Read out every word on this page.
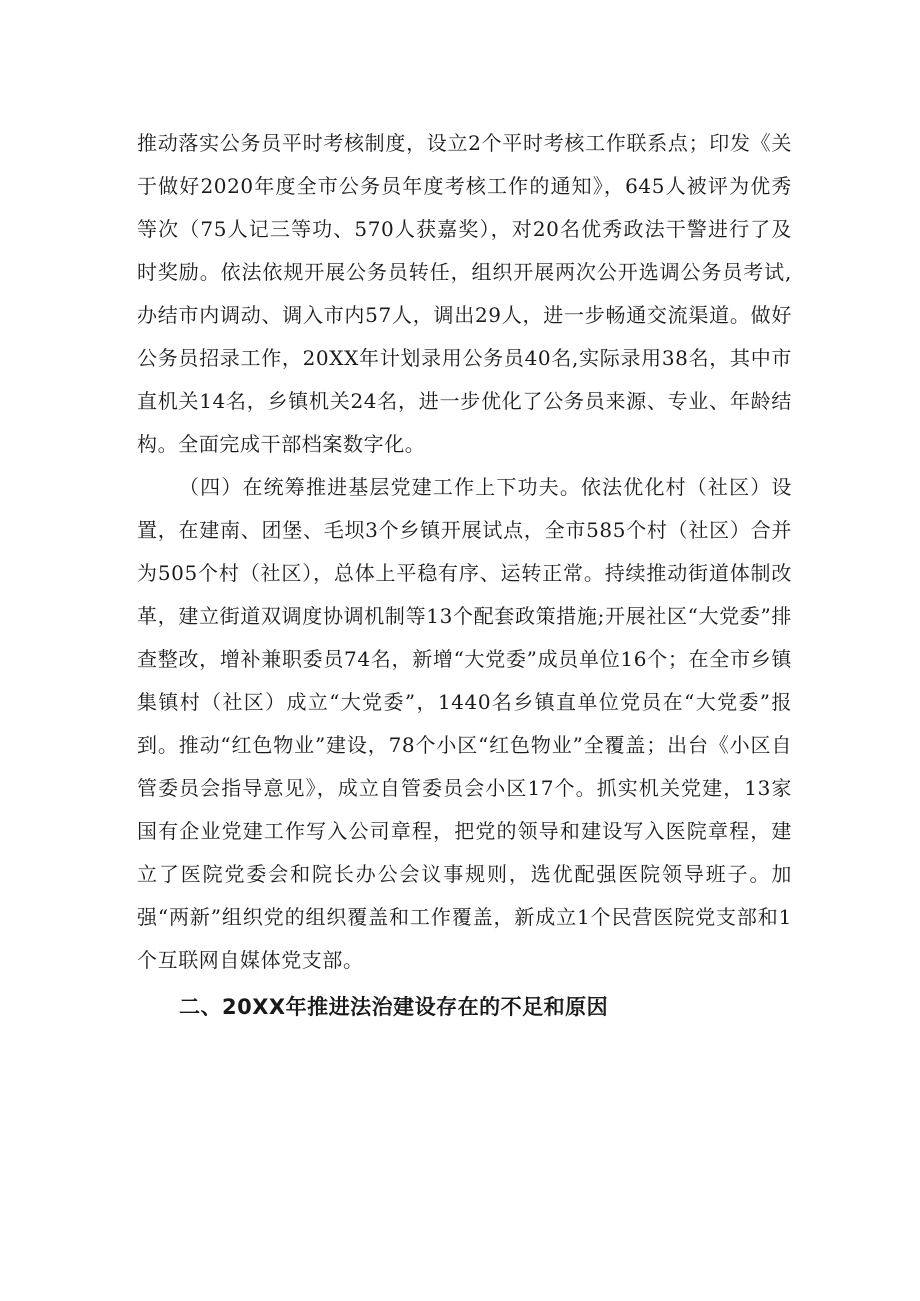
推动落实公务员平时考核制度，设立2个平时考核工作联系点；印发《关于做好2020年度全市公务员年度考核工作的通知》，645人被评为优秀等次（75人记三等功、570人获嘉奖），对20名优秀政法干警进行了及时奖励。依法依规开展公务员转任，组织开展两次公开选调公务员考试,办结市内调动、调入市内57人，调出29人，进一步畅通交流渠道。做好公务员招录工作，20XX年计划录用公务员40名,实际录用38名，其中市直机关14名，乡镇机关24名，进一步优化了公务员来源、专业、年龄结构。全面完成干部档案数字化。

（四）在统筹推进基层党建工作上下功夫。依法优化村（社区）设置，在建南、团堡、毛坝3个乡镇开展试点，全市585个村（社区）合并为505个村（社区），总体上平稳有序、运转正常。持续推动街道体制改革，建立街道双调度协调机制等13个配套政策措施;开展社区“大党委”排查整改，增补兼职委员74名，新增“大党委”成员单位16个；在全市乡镇集镇村（社区）成立“大党委”，1440名乡镇直单位党员在“大党委”报到。推动“红色物业”建设，78个小区“红色物业”全覆盖；出台《小区自管委员会指导意见》，成立自管委员会小区17个。抓实机关党建，13家国有企业党建工作写入公司章程，把党的领导和建设写入医院章程，建立了医院党委会和院长办公会议事规则，选优配强医院领导班子。加强“两新”组织党的组织覆盖和工作覆盖，新成立1个民营医院党支部和1个互联网自媒体党支部。

二、20XX年推进法治建设存在的不足和原因
